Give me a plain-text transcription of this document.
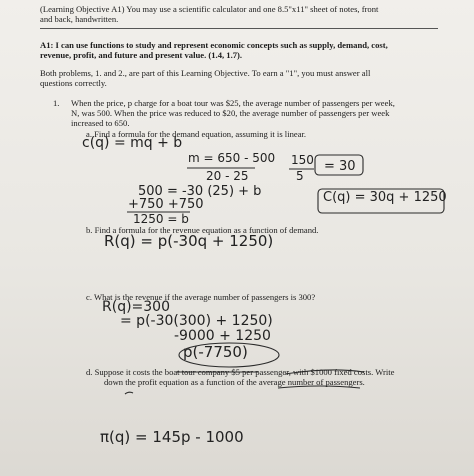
(Learning Objective A1) You may use a scientific calculator and one 8.5"x11" sheet of notes, front
and back, handwritten.
A1: I can use functions to study and represent economic concepts such as supply, demand, cost,
revenue, profit, and future and present value. (1.4, 1.7).
Both problems, 1. and 2., are part of this Learning Objective. To earn a "1", you must answer all
questions correctly.
1. When the price, p charge for a boat tour was $25, the average number of passengers per week,
N, was 500. When the price was reduced to $20, the average number of passengers per week
increased to 650.
a. Find a formula for the demand equation, assuming it is linear.
c(q) = mq + b
m = 650 - 500
20 - 25
150
5
= 30
500 = -30 (25) + b
+750 +750
1250 = b
C(q) = 30q + 1250
b. Find a formula for the revenue equation as a function of demand.
R(q) = p(-30q + 1250)
c. What is the revenue if the average number of passengers is 300?
R(q)=300
= p(-30(300) + 1250)
-9000 + 1250
p(-7750)
d. Suppose it costs the boat tour company $5 per passenger, with $1000 fixed costs. Write
down the profit equation as a function of the average number of passengers.
π(q) = 145p - 1000
